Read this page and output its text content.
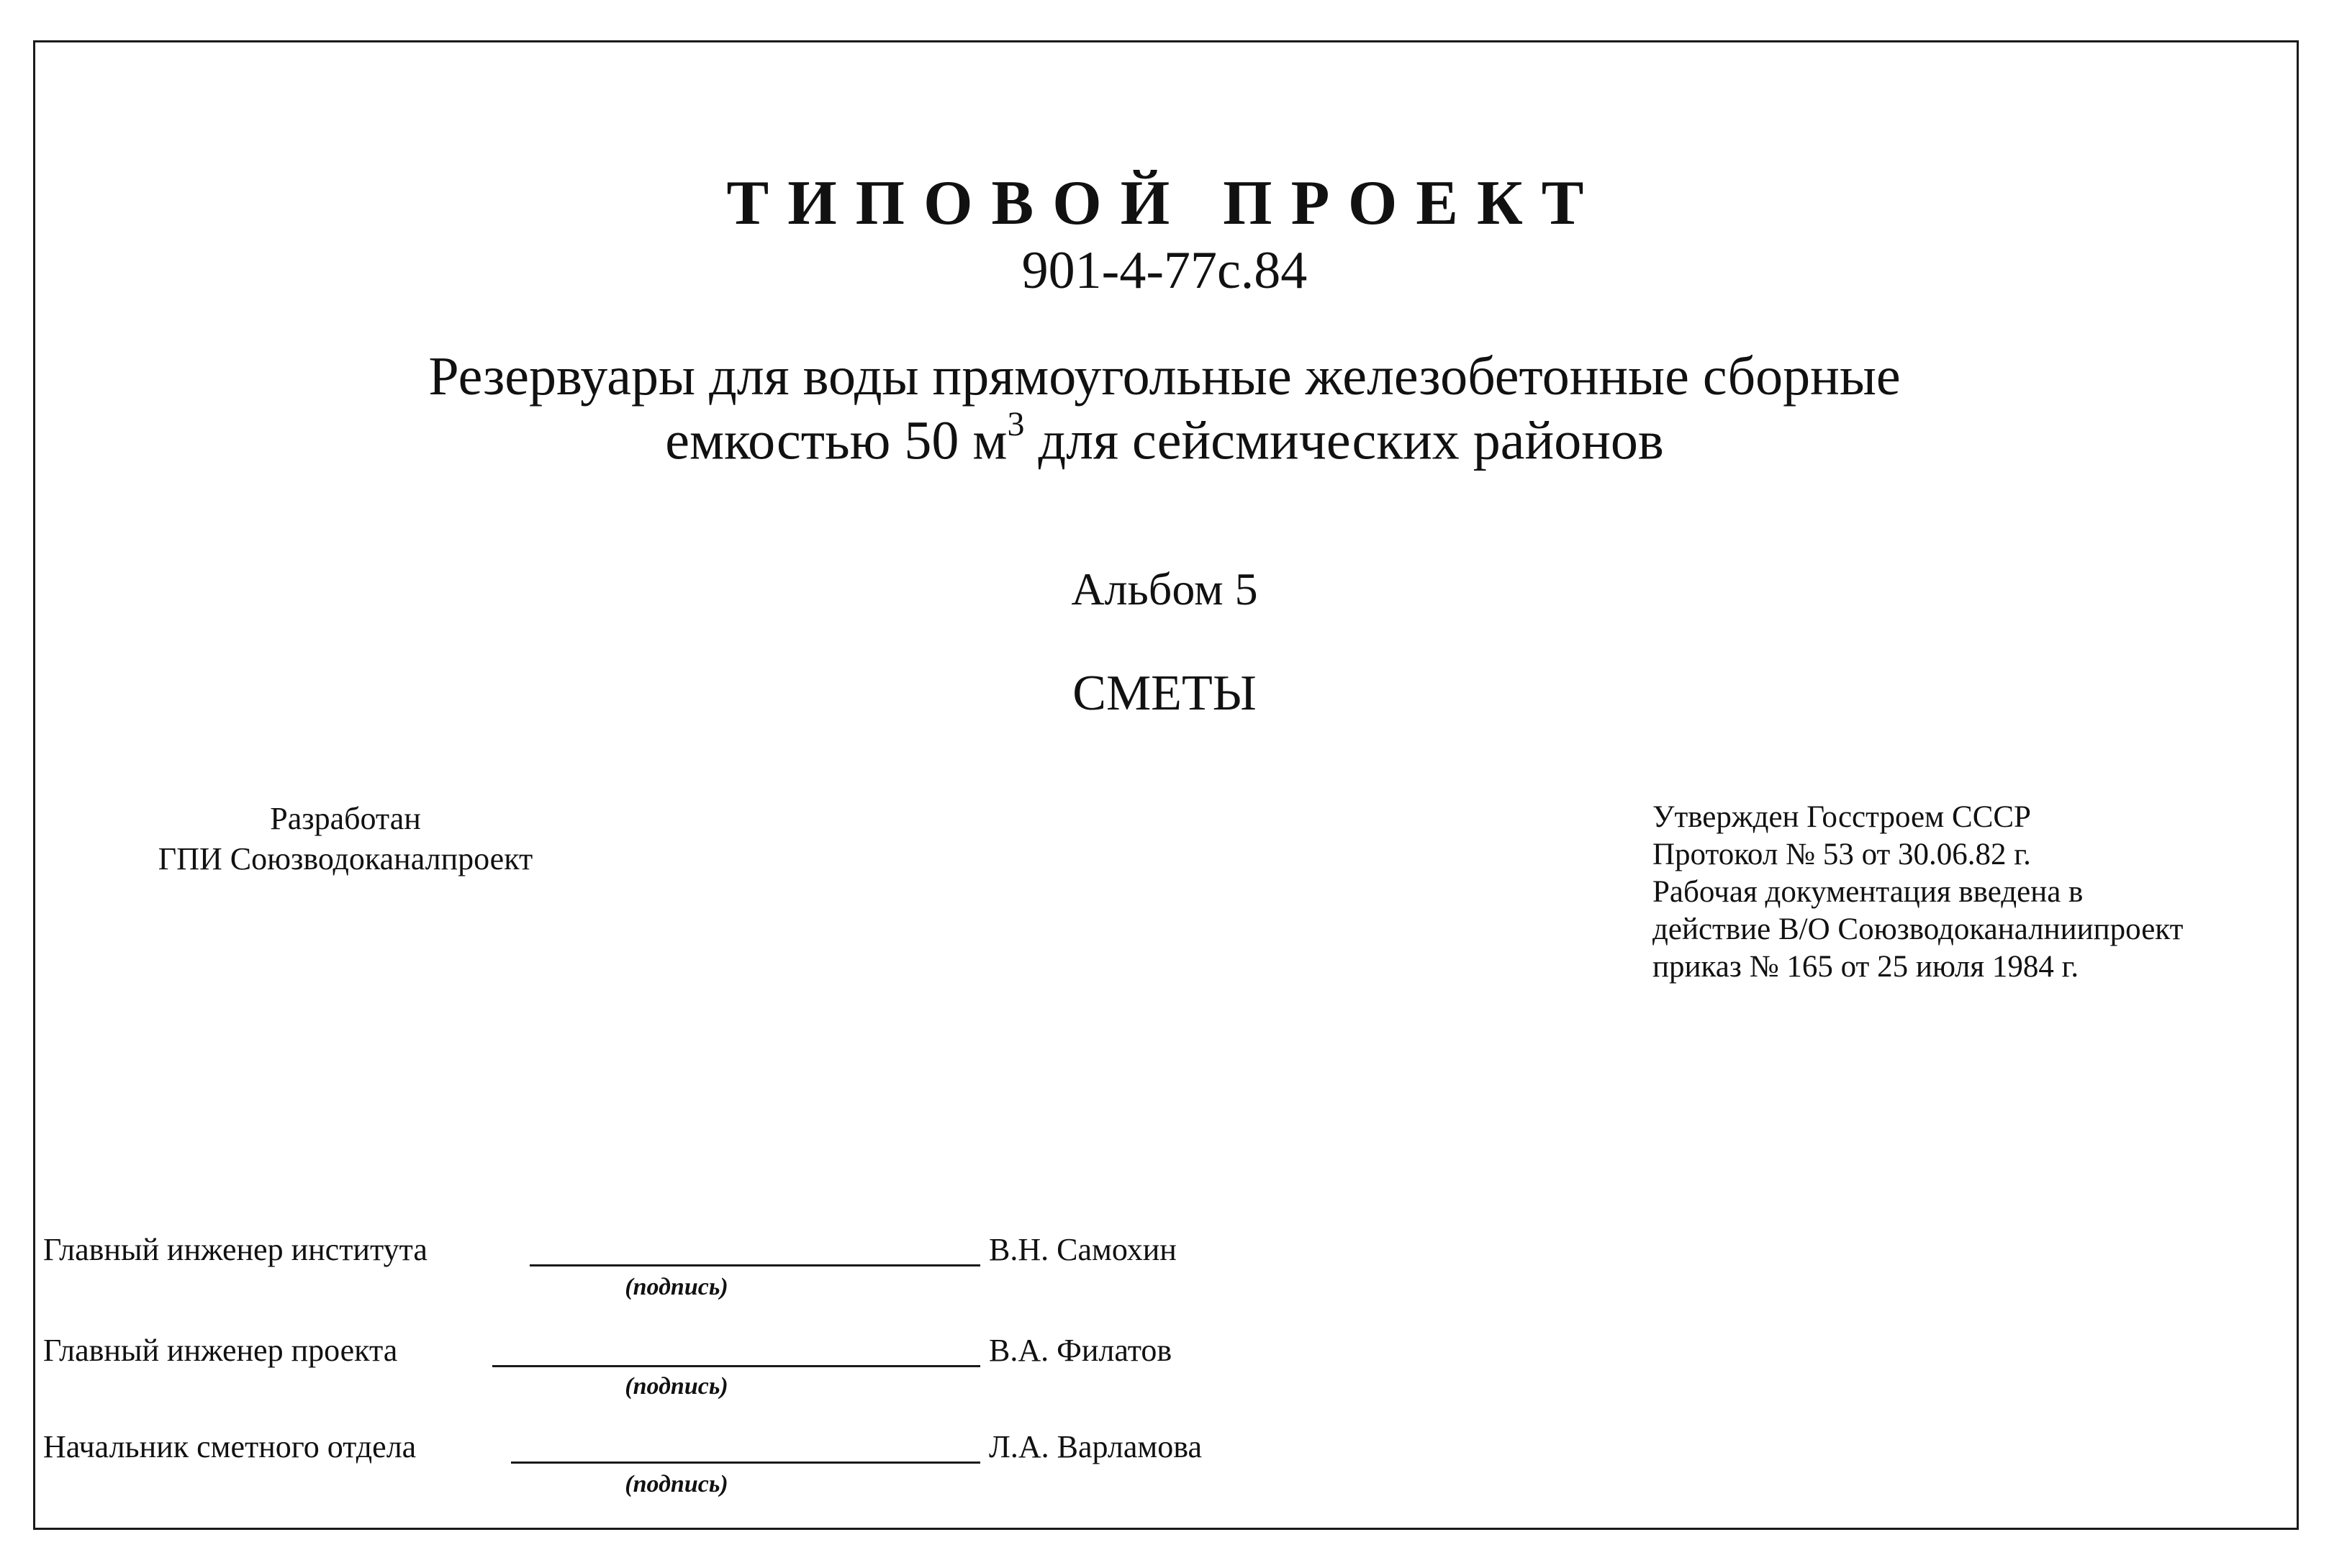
ТИПОВОЙ ПРОЕКТ
901-4-77с.84
Резервуары для воды прямоугольные железобетонные сборные
емкостью 50 $м^3$ для сейсмических районов
Альбом 5
СМЕТЫ
Разработан
ГПИ Союзводоканалпроект
Утвержден Госстроем СССР
Протокол № 53 от 30.06.82 г.
Рабочая документация введена в
действие В/О Союзводоканалниипроект
приказ № 165 от 25 июля 1984 г.
Главный инженер института	В.Н. Самохин
(подпись)
Главный инженер проекта	В.А. Филатов
(подпись)
Начальник сметного отдела	Л.А. Варламова
(подпись)
